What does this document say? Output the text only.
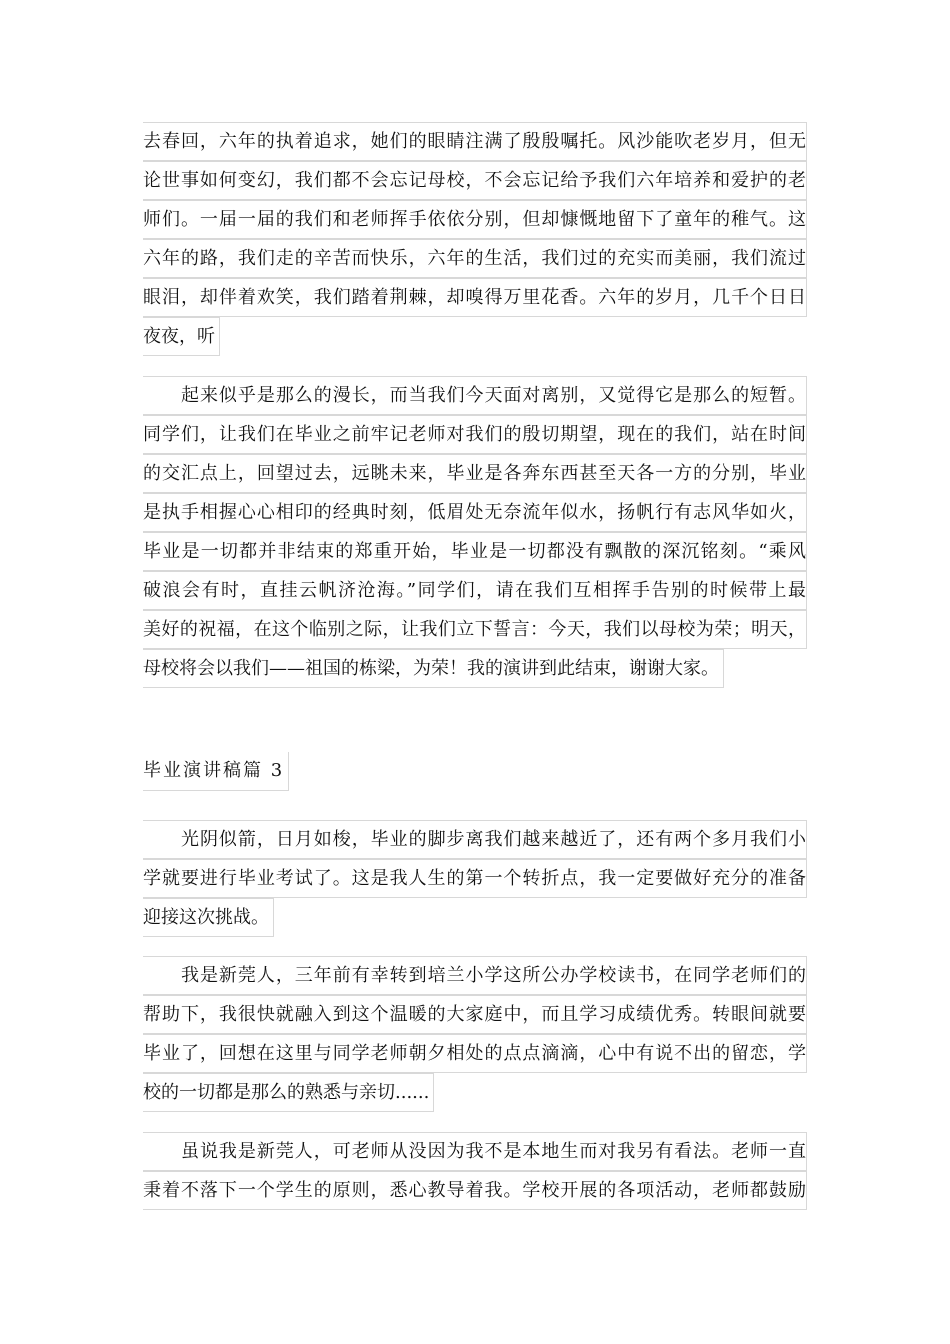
去春回，六年的执着追求，她们的眼睛注满了殷殷嘱托。风沙能吹老岁月，但无
论世事如何变幻，我们都不会忘记母校，不会忘记给予我们六年培养和爱护的老
师们。一届一届的我们和老师挥手依依分别，但却慷慨地留下了童年的稚气。这
六年的路，我们走的辛苦而快乐，六年的生活，我们过的充实而美丽，我们流过
眼泪，却伴着欢笑，我们踏着荆棘，却嗅得万里花香。六年的岁月，几千个日日
夜夜，听
起来似乎是那么的漫长，而当我们今天面对离别，又觉得它是那么的短暂。
同学们，让我们在毕业之前牢记老师对我们的殷切期望，现在的我们，站在时间
的交汇点上，回望过去，远眺未来，毕业是各奔东西甚至天各一方的分别，毕业
是执手相握心心相印的经典时刻，低眉处无奈流年似水，扬帆行有志风华如火，
毕业是一切都并非结束的郑重开始，毕业是一切都没有飘散的深沉铭刻。“乘风
破浪会有时，直挂云帆济沧海。”同学们，请在我们互相挥手告别的时候带上最
美好的祝福，在这个临别之际，让我们立下誓言：今天，我们以母校为荣；明天，
母校将会以我们——祖国的栋梁，为荣！我的演讲到此结束，谢谢大家。
毕业演讲稿篇 3
光阴似箭，日月如梭，毕业的脚步离我们越来越近了，还有两个多月我们小
学就要进行毕业考试了。这是我人生的第一个转折点，我一定要做好充分的准备
迎接这次挑战。
我是新莞人，三年前有幸转到培兰小学这所公办学校读书，在同学老师们的
帮助下，我很快就融入到这个温暖的大家庭中，而且学习成绩优秀。转眼间就要
毕业了，回想在这里与同学老师朝夕相处的点点滴滴，心中有说不出的留恋，学
校的一切都是那么的熟悉与亲切......
虽说我是新莞人，可老师从没因为我不是本地生而对我另有看法。老师一直
秉着不落下一个学生的原则，悉心教导着我。学校开展的各项活动，老师都鼓励
